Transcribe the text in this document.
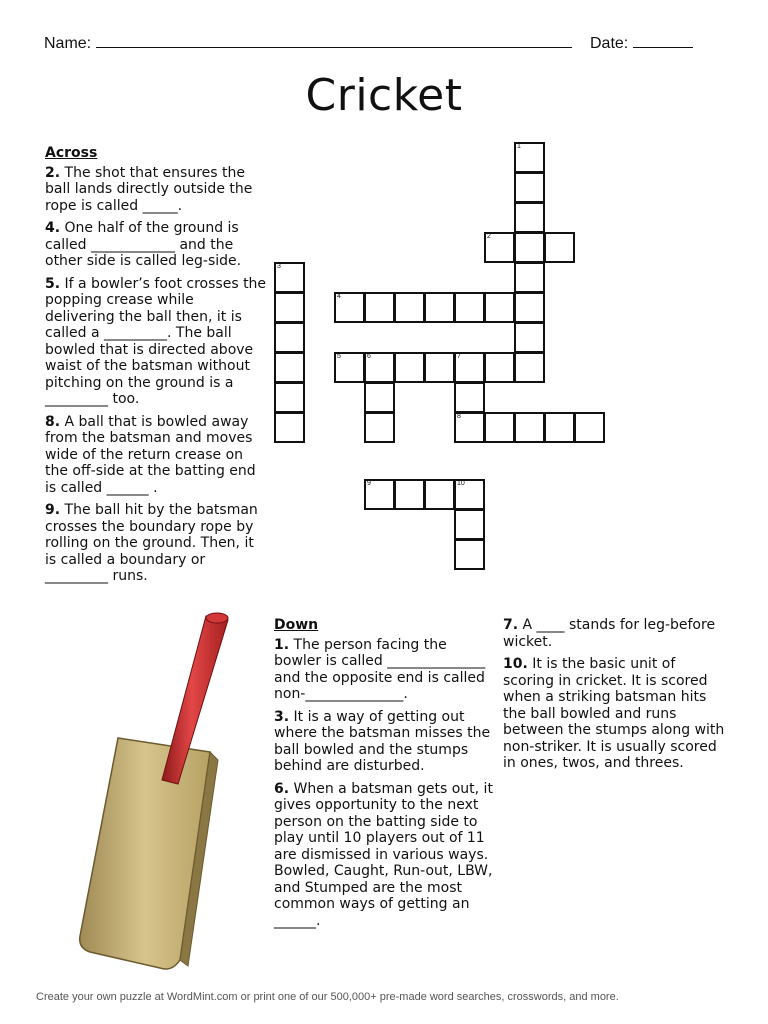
Name:	Date:
Cricket
Across
2. The shot that ensures the ball lands directly outside the rope is called _____.
4. One half of the ground is called ____________ and the other side is called leg-side.
5. If a bowler’s foot crosses the popping crease while delivering the ball then, it is called a _________. The ball bowled that is directed above waist of the batsman without pitching on the ground is a _________ too.
8. A ball that is bowled away from the batsman and moves wide of the return crease on the off-side at the batting end is called ______ .
9. The ball hit by the batsman crosses the boundary rope by rolling on the ground. Then, it is called a boundary or _________ runs.
Down
1. The person facing the bowler is called ______________ and the opposite end is called non-______________.
3. It is a way of getting out where the batsman misses the ball bowled and the stumps behind are disturbed.
6. When a batsman gets out, it gives opportunity to the next person on the batting side to play until 10 players out of 11 are dismissed in various ways. Bowled, Caught, Run-out, LBW, and Stumped are the most common ways of getting an ______.
7. A ____ stands for leg-before wicket.
10. It is the basic unit of scoring in cricket. It is scored when a striking batsman hits the ball bowled and runs between the stumps along with non-striker. It is usually scored in ones, twos, and threes.
1
2
3
4
5	6	7
8
9	10
Create your own puzzle at WordMint.com or print one of our 500,000+ pre-made word searches, crosswords, and more.
